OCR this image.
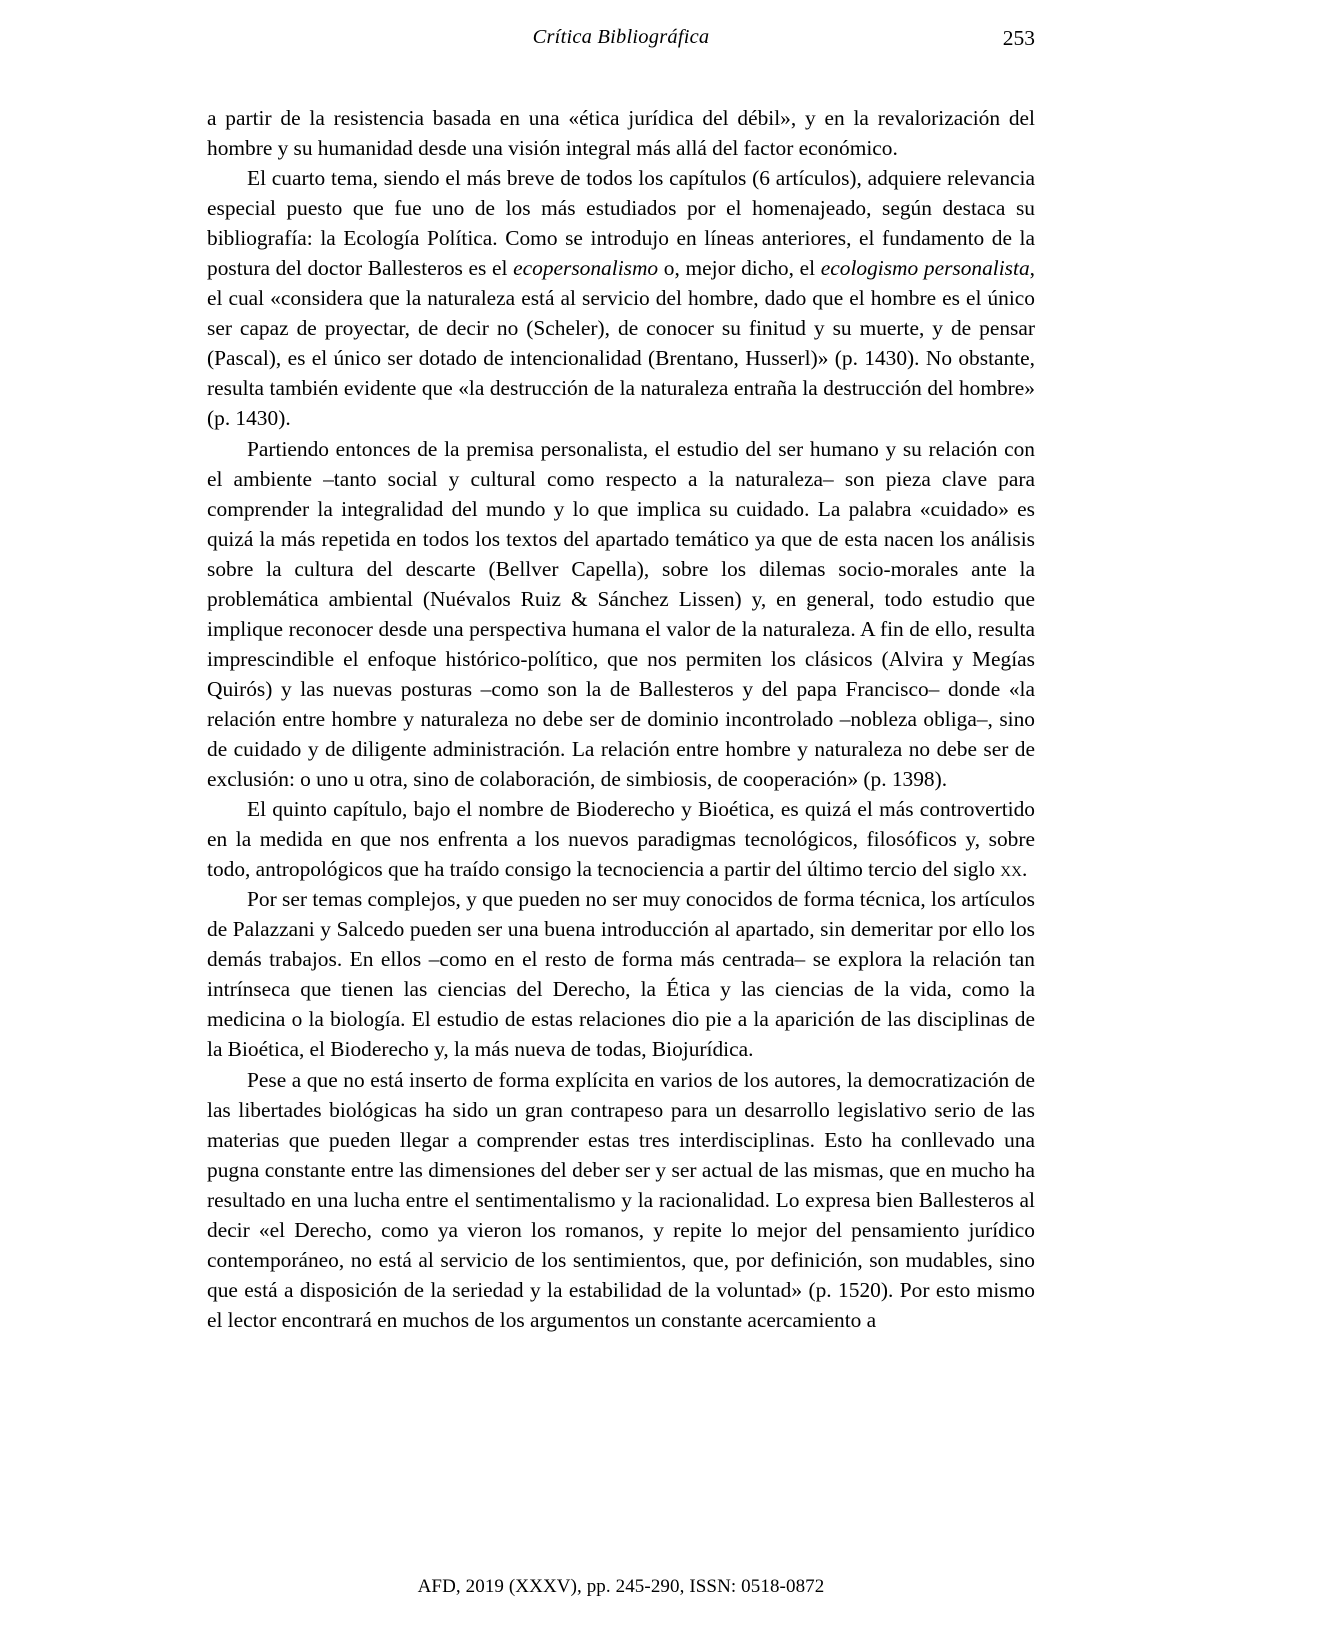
Crítica Bibliográfica	253

a partir de la resistencia basada en una «ética jurídica del débil», y en la revalorización del hombre y su humanidad desde una visión integral más allá del factor económico.

El cuarto tema, siendo el más breve de todos los capítulos (6 artículos), adquiere relevancia especial puesto que fue uno de los más estudiados por el homenajeado, según destaca su bibliografía: la Ecología Política. Como se introdujo en líneas anteriores, el fundamento de la postura del doctor Ballesteros es el ecopersonalismo o, mejor dicho, el ecologismo personalista, el cual «considera que la naturaleza está al servicio del hombre, dado que el hombre es el único ser capaz de proyectar, de decir no (Scheler), de conocer su finitud y su muerte, y de pensar (Pascal), es el único ser dotado de intencionalidad (Brentano, Husserl)» (p. 1430). No obstante, resulta también evidente que «la destrucción de la naturaleza entraña la destrucción del hombre» (p. 1430).

Partiendo entonces de la premisa personalista, el estudio del ser humano y su relación con el ambiente –tanto social y cultural como respecto a la naturaleza– son pieza clave para comprender la integralidad del mundo y lo que implica su cuidado. La palabra «cuidado» es quizá la más repetida en todos los textos del apartado temático ya que de esta nacen los análisis sobre la cultura del descarte (Bellver Capella), sobre los dilemas socio-morales ante la problemática ambiental (Nuévalos Ruiz & Sánchez Lissen) y, en general, todo estudio que implique reconocer desde una perspectiva humana el valor de la naturaleza. A fin de ello, resulta imprescindible el enfoque histórico-político, que nos permiten los clásicos (Alvira y Megías Quirós) y las nuevas posturas –como son la de Ballesteros y del papa Francisco– donde «la relación entre hombre y naturaleza no debe ser de dominio incontrolado –nobleza obliga–, sino de cuidado y de diligente administración. La relación entre hombre y naturaleza no debe ser de exclusión: o uno u otra, sino de colaboración, de simbiosis, de cooperación» (p. 1398).

El quinto capítulo, bajo el nombre de Bioderecho y Bioética, es quizá el más controvertido en la medida en que nos enfrenta a los nuevos paradigmas tecnológicos, filosóficos y, sobre todo, antropológicos que ha traído consigo la tecnociencia a partir del último tercio del siglo xx.

Por ser temas complejos, y que pueden no ser muy conocidos de forma técnica, los artículos de Palazzani y Salcedo pueden ser una buena introducción al apartado, sin demeritar por ello los demás trabajos. En ellos –como en el resto de forma más centrada– se explora la relación tan intrínseca que tienen las ciencias del Derecho, la Ética y las ciencias de la vida, como la medicina o la biología. El estudio de estas relaciones dio pie a la aparición de las disciplinas de la Bioética, el Bioderecho y, la más nueva de todas, Biojurídica.

Pese a que no está inserto de forma explícita en varios de los autores, la democratización de las libertades biológicas ha sido un gran contrapeso para un desarrollo legislativo serio de las materias que pueden llegar a comprender estas tres interdisciplinas. Esto ha conllevado una pugna constante entre las dimensiones del deber ser y ser actual de las mismas, que en mucho ha resultado en una lucha entre el sentimentalismo y la racionalidad. Lo expresa bien Ballesteros al decir «el Derecho, como ya vieron los romanos, y repite lo mejor del pensamiento jurídico contemporáneo, no está al servicio de los sentimientos, que, por definición, son mudables, sino que está a disposición de la seriedad y la estabilidad de la voluntad» (p. 1520). Por esto mismo el lector encontrará en muchos de los argumentos un constante acercamiento a

AFD, 2019 (XXXV), pp. 245-290, ISSN: 0518-0872
